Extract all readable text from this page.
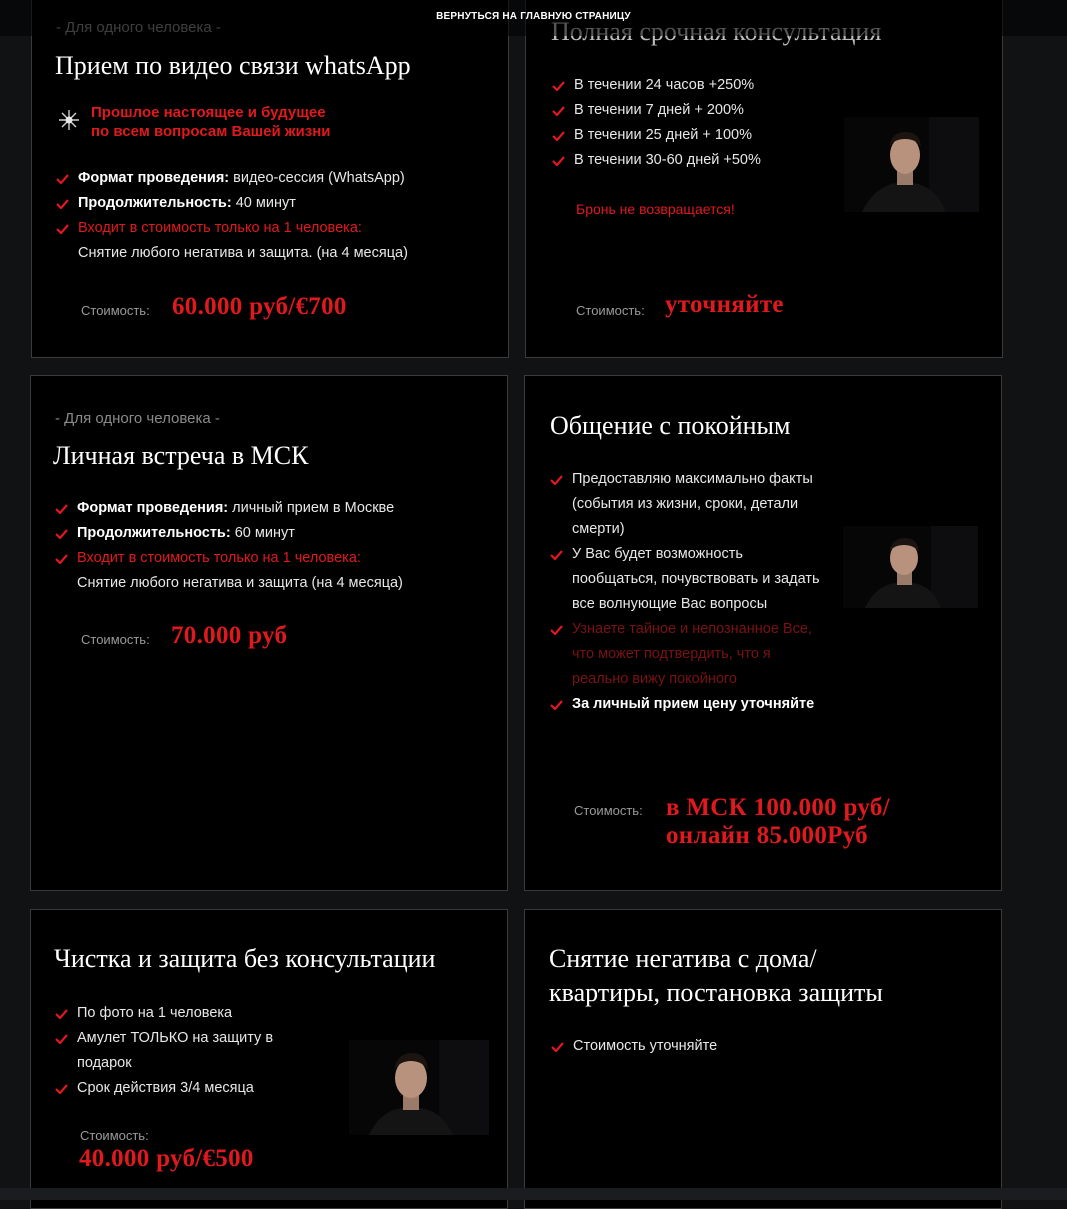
ВЕРНУТЬСЯ НА ГЛАВНУЮ СТРАНИЦУ
Прием по видео связи whatsApp
Прошлое настоящее и будущее
по всем вопросам Вашей жизни
Формат проведения: видео-сессия (WhatsApp)
Продолжительность: 40 минут
Входит в стоимость только на 1 человека:
Снятие любого негатива и защита. (на 4 месяца)
Стоимость: 60.000 руб/€700
В течении 24 часов +250%
В течении 7 дней + 200%
В течении 25 дней + 100%
В течении 30-60 дней +50%
Бронь не возвращается!
Стоимость: уточняйте
- Для одного человека -
Личная встреча в МСК
Формат проведения: личный прием в Москве
Продолжительность: 60 минут
Входит в стоимость только на 1 человека:
Снятие любого негатива и защита (на 4 месяца)
Стоимость: 70.000 руб
Общение с покойным
Предоставляю максимально факты (события из жизни, сроки, детали смерти)
У Вас будет возможность пообщаться, почувствовать и задать все волнующие Вас вопросы
Узнаете тайное и непознанное Все, что может подтвердить, что я реально вижу покойного
За личный прием цену уточняйте
Стоимость: в МСК 100.000 руб/
онлайн 85.000Руб
Чистка и защита без консультации
По фото на 1 человека
Амулет ТОЛЬКО на защиту в подарок
Срок действия 3/4 месяца
Стоимость:
40.000 руб/€500
Снятие негатива с дома/
квартиры, постановка защиты
Стоимость уточняйте
